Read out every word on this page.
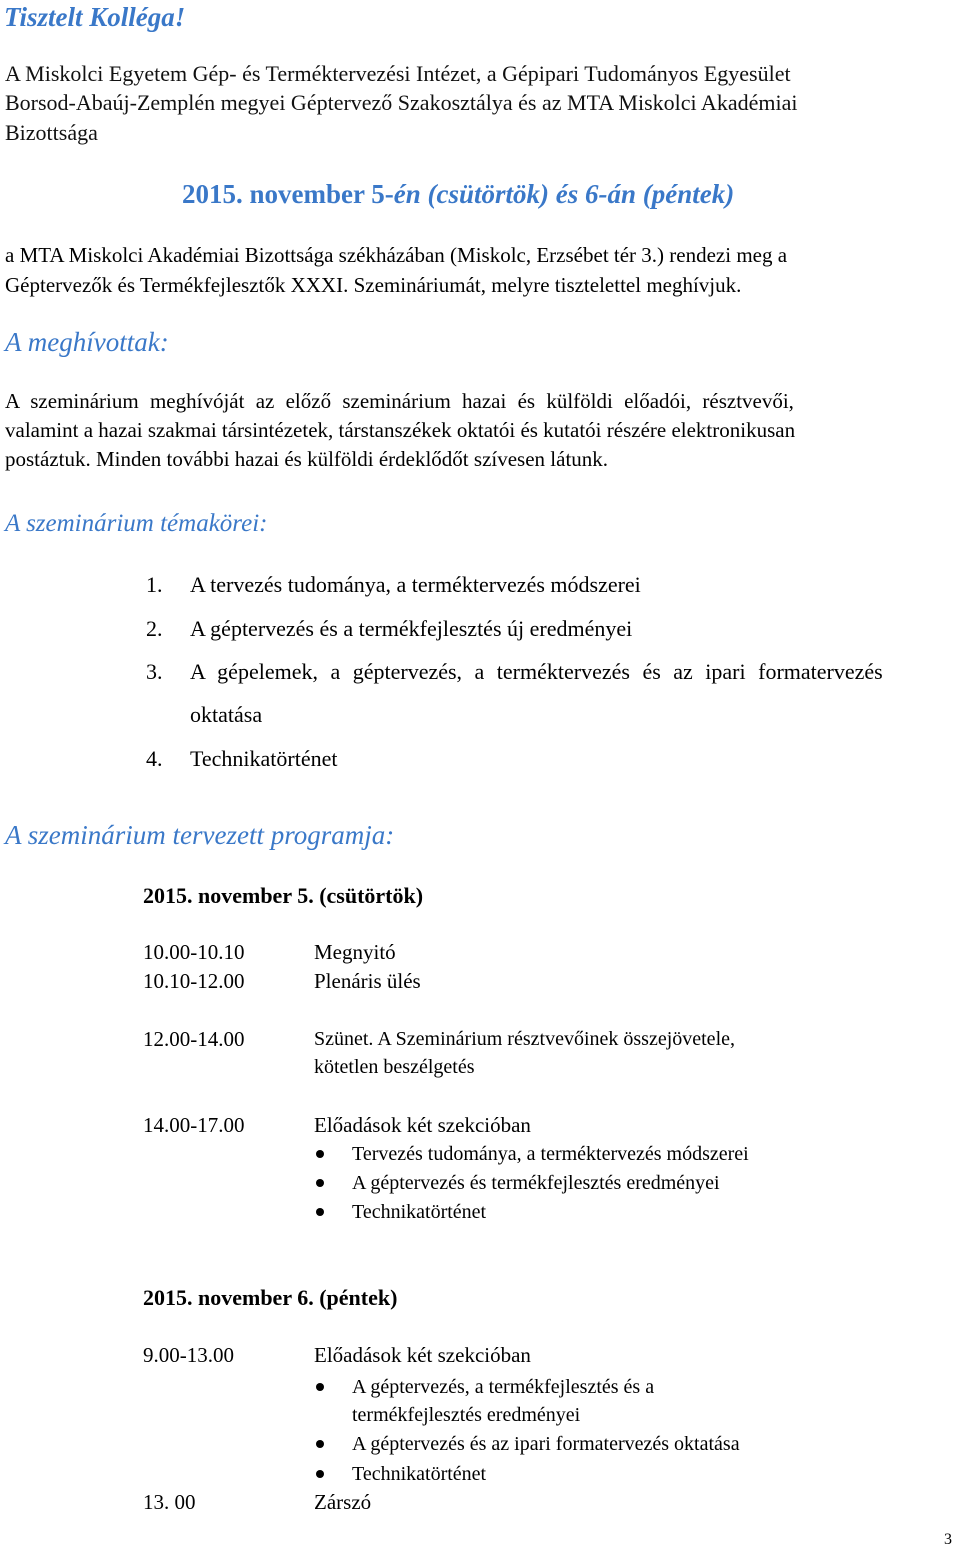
Tisztelt Kolléga!
A Miskolci Egyetem Gép- és Terméktervezési Intézet, a Gépipari Tudományos Egyesület
Borsod-Abaúj-Zemplén megyei Géptervező Szakosztálya és az MTA Miskolci Akadémiai
Bizottsága
2015. november 5-én (csütörtök) és 6-án (péntek)
a MTA Miskolci Akadémiai Bizottsága székházában (Miskolc, Erzsébet tér 3.) rendezi meg a
Géptervezők és Termékfejlesztők XXXI. Szemináriumát, melyre tisztelettel meghívjuk.
A meghívottak:
A szeminárium meghívóját az előző szeminárium hazai és külföldi előadói, résztvevői,
valamint a hazai szakmai társintézetek, társtanszékek oktatói és kutatói részére elektronikusan
postáztuk. Minden további hazai és külföldi érdeklődőt szívesen látunk.
A szeminárium témakörei:
1. A tervezés tudománya, a terméktervezés módszerei
2. A géptervezés és a termékfejlesztés új eredményei
3. A gépelemek, a géptervezés, a terméktervezés és az ipari formatervezés
oktatása
4. Technikatörténet
A szeminárium tervezett programja:
2015. november 5. (csütörtök)
10.00-10.10	Megnyitó
10.10-12.00	Plenáris ülés
12.00-14.00	Szünet. A Szeminárium résztvevőinek összejövetele,
kötetlen beszélgetés
14.00-17.00	Előadások két szekcióban
Tervezés tudománya, a terméktervezés módszerei
A géptervezés és termékfejlesztés eredményei
Technikatörténet
2015. november 6. (péntek)
9.00-13.00	Előadások két szekcióban
A géptervezés, a termékfejlesztés és a
termékfejlesztés eredményei
A géptervezés és az ipari formatervezés oktatása
Technikatörténet
13. 00	Zárszó
3
